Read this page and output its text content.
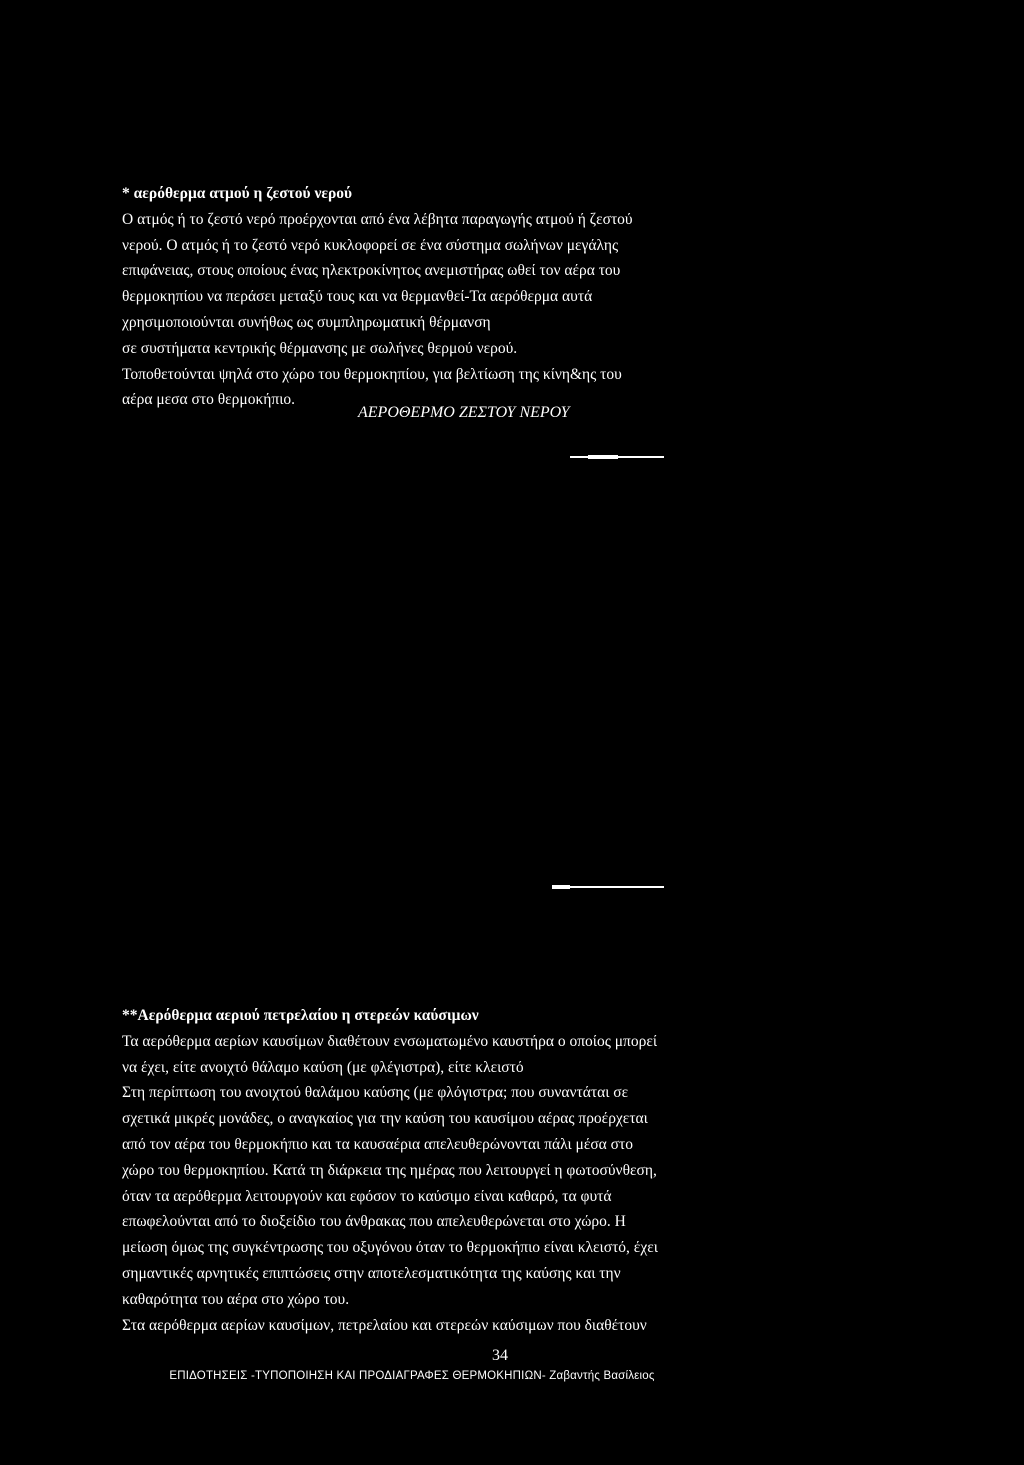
* αερόθερμα ατμού η ζεστού νερού
Ο ατμός ή το ζεστό νερό προέρχονται από ένα λέβητα παραγωγής ατμού ή ζεστού
νερού. Ο ατμός ή το ζεστό νερό κυκλοφορεί σε ένα σύστημα σωλήνων μεγάλης
επιφάνειας, στους οποίους ένας ηλεκτροκίνητος ανεμιστήρας ωθεί τον αέρα του
θερμοκηπίου να περάσει μεταξύ τους και να θερμανθεί-Τα αερόθερμα αυτά
χρησιμοποιούνται συνήθως ως συμπληρωματική θέρμανση
σε συστήματα κεντρικής θέρμανσης με σωλήνες θερμού νερού.
Τοποθετούνται ψηλά στο χώρο του θερμοκηπίου, για βελτίωση της κίνη&ης του
αέρα μεσα στο θερμοκήπιο.
ΑΕΡΟΘΕΡΜΟ ΖΕΣΤΟΥ ΝΕΡΟΥ
**Αερόθερμα αεριού πετρελαίου η στερεών καύσιμων
Τα αερόθερμα αερίων καυσίμων διαθέτουν ενσωματωμένο καυστήρα ο οποίος μπορεί
να έχει, είτε ανοιχτό θάλαμο καύση (με φλέγιστρα), είτε κλειστό
Στη περίπτωση του ανοιχτού θαλάμου καύσης (με φλόγιστρα; που συναντάται σε
σχετικά μικρές μονάδες, ο αναγκαίος για την καύση του καυσίμου αέρας προέρχεται
από τον αέρα του θερμοκήπιο και τα καυσαέρια απελευθερώνονται πάλι μέσα στο
χώρο του θερμοκηπίου. Κατά τη διάρκεια της ημέρας που λειτουργεί η φωτοσύνθεση,
όταν τα αερόθερμα λειτουργούν και εφόσον το καύσιμο είναι καθαρό, τα φυτά
επωφελούνται από το διοξείδιο του άνθρακας που απελευθερώνεται στο χώρο. Η
μείωση όμως της συγκέντρωσης του οξυγόνου όταν το θερμοκήπιο είναι κλειστό, έχει
σημαντικές αρνητικές επιπτώσεις στην αποτελεσματικότητα της καύσης και την
καθαρότητα του αέρα στο χώρο του.
Στα αερόθερμα αερίων καυσίμων, πετρελαίου και στερεών καύσιμων που διαθέτουν
34
ΕΠΙΔΟΤΗΣΕΙΣ -ΤΥΠΟΠΟΙΗΣΗ ΚΑΙ ΠΡΟΔΙΑΓΡΑΦΕΣ ΘΕΡΜΟΚΗΠΙΩΝ- Ζαβαντής Βασίλειος
